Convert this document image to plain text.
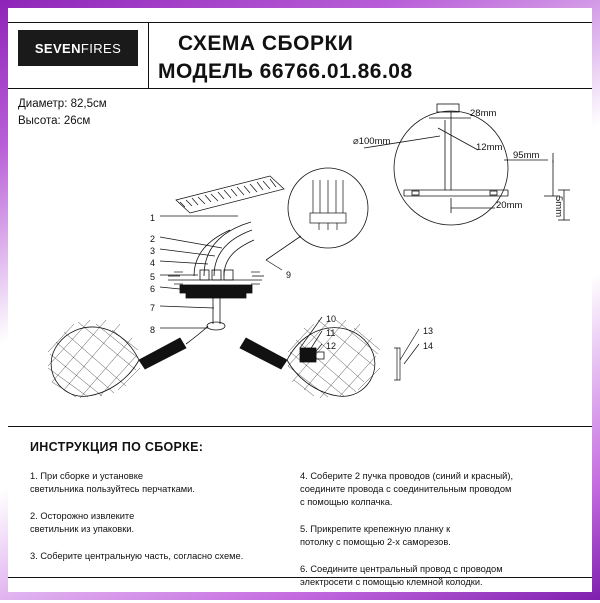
SEVEN FIRES	СХЕМА СБОРКИ
МОДЕЛЬ 66766.01.86.08
Диаметр: 82,5см
Высота: 26см
⌀100mm
28mm
12mm
95mm
20mm	5mm
1
2
3
4
5
6
7
8
9
10
11
12
13
14
ИНСТРУКЦИЯ ПО СБОРКЕ:
1. При сборке и установке
светильника пользуйтесь перчатками.
2. Осторожно извлеките
светильник из упаковки.
3. Соберите центральную часть, согласно схеме.
4. Соберите 2 пучка проводов (синий и красный),
соедините провода с соединительным проводом
с помощью колпачка.
5. Прикрепите крепежную планку к
потолку с помощью 2-х саморезов.
6. Соедините центральный провод с проводом
электросети с помощью клемной колодки.
